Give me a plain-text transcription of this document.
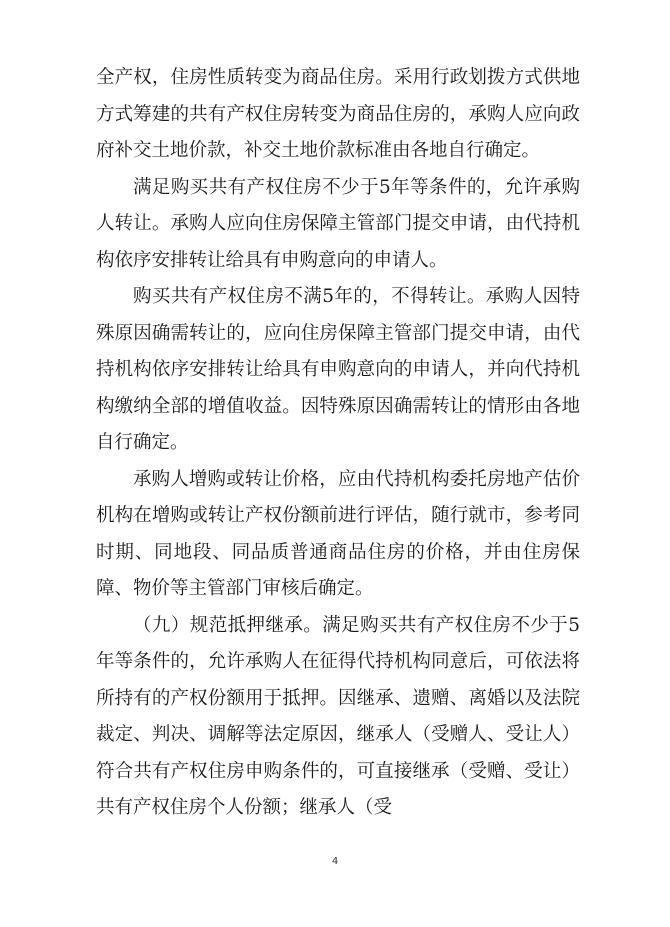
全产权，住房性质转变为商品住房。采用行政划拨方式供地方式筹建的共有产权住房转变为商品住房的，承购人应向政府补交土地价款，补交土地价款标准由各地自行确定。

满足购买共有产权住房不少于5年等条件的，允许承购人转让。承购人应向住房保障主管部门提交申请，由代持机构依序安排转让给具有申购意向的申请人。

购买共有产权住房不满5年的，不得转让。承购人因特殊原因确需转让的，应向住房保障主管部门提交申请，由代持机构依序安排转让给具有申购意向的申请人，并向代持机构缴纳全部的增值收益。因特殊原因确需转让的情形由各地自行确定。

承购人增购或转让价格，应由代持机构委托房地产估价机构在增购或转让产权份额前进行评估，随行就市，参考同时期、同地段、同品质普通商品住房的价格，并由住房保障、物价等主管部门审核后确定。

（九）规范抵押继承。满足购买共有产权住房不少于5年等条件的，允许承购人在征得代持机构同意后，可依法将所持有的产权份额用于抵押。因继承、遗赠、离婚以及法院裁定、判决、调解等法定原因，继承人（受赠人、受让人）符合共有产权住房申购条件的，可直接继承（受赠、受让）共有产权住房个人份额；继承人（受

4
